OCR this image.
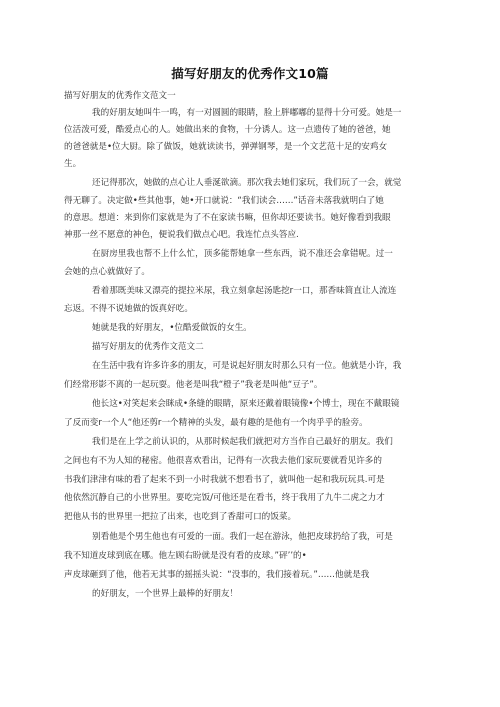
描写好朋友的优秀作文10篇
描写好朋友的优秀作文范文一
我的好朋友她叫牛一鸣，有一对圆圆的眼睛，脸上胖嘟嘟的显得十分可爱。她是一
位活泼可爱，酷爱点心的人。她做出来的食物，十分诱人。这一点遗传了她的爸爸，她
的爸爸就是•位大厨。除了做饭，她就读读书，弹弹钢琴，是一个文艺范十足的安鸡女
生。
还记得那次，她做的点心让人垂涎欲滴。那次我去她们家玩，我们玩了一会，就觉
得无聊了。决定做•些其他事，她•开口就说：“我们读会……”话音未落我就明白了她
的意思。想道：来到你们家就是为了不在家读书嘛，但你却还要读书。她好像看到我眼
神那一丝不愿意的神色，便说我们做点心吧。我连忙点头答应.
在厨房里我也帮不上什么忙，顶多能帮她拿一些东西，说不准还会拿错呢。过一
会她的点心就做好了。
看着那既美味又漂亮的提拉米尿，我立刻拿起汤匙挖r一口，那香味简直让人流连
忘返。不得不说她做的饭真好吃。
她就是我的好朋友，•位酷爱做饭的女生。
描写好朋友的优秀作文范文二
在生活中我有许多许多的朋友，可是说起好朋友时那么只有一位。他就是小许，我
们经常形影不离的一起玩耍。他老是叫我“橙子”我老是叫他“豆子”。
他长这•对笑起来会眯成•条缝的眼睛，原来还戴着眼镜像•个博士，现在不戴眼镜
了反而变r一个人“他还剪r一个精神的头发，最有趣的是他有一个肉乎乎的脸旁。
我们是在上学之前认识的，从那时候起我们就把对方当作自己最好的朋友。我们
之间也有不为人知的秘密。他很喜欢看出，记得有一次我去他们家玩要就看见许多的
书我们津津有味的看了起来不到一小时我就不想看书了，就叫他一起和我玩玩具.可是
他依然沉静自己的小世界里。要吃完饭/可他还是在看书，终于我用了九牛二虎之力才
把他从书的世界里一把拉了出来，也吃到了香甜可口的饭菜。
别看他是个男生他也有可爱的一面。我们一起在游泳，他把皮球扔给了我，可是
我不知道皮球到底在哪。他左顾右盼就是没有看的皮球。”砰’’的•
声皮球砸到了他，他若无其事的摇摇头说：“没事的，我们接着玩。”……他就是我
的好朋友，一个世界上最棒的好朋友！
